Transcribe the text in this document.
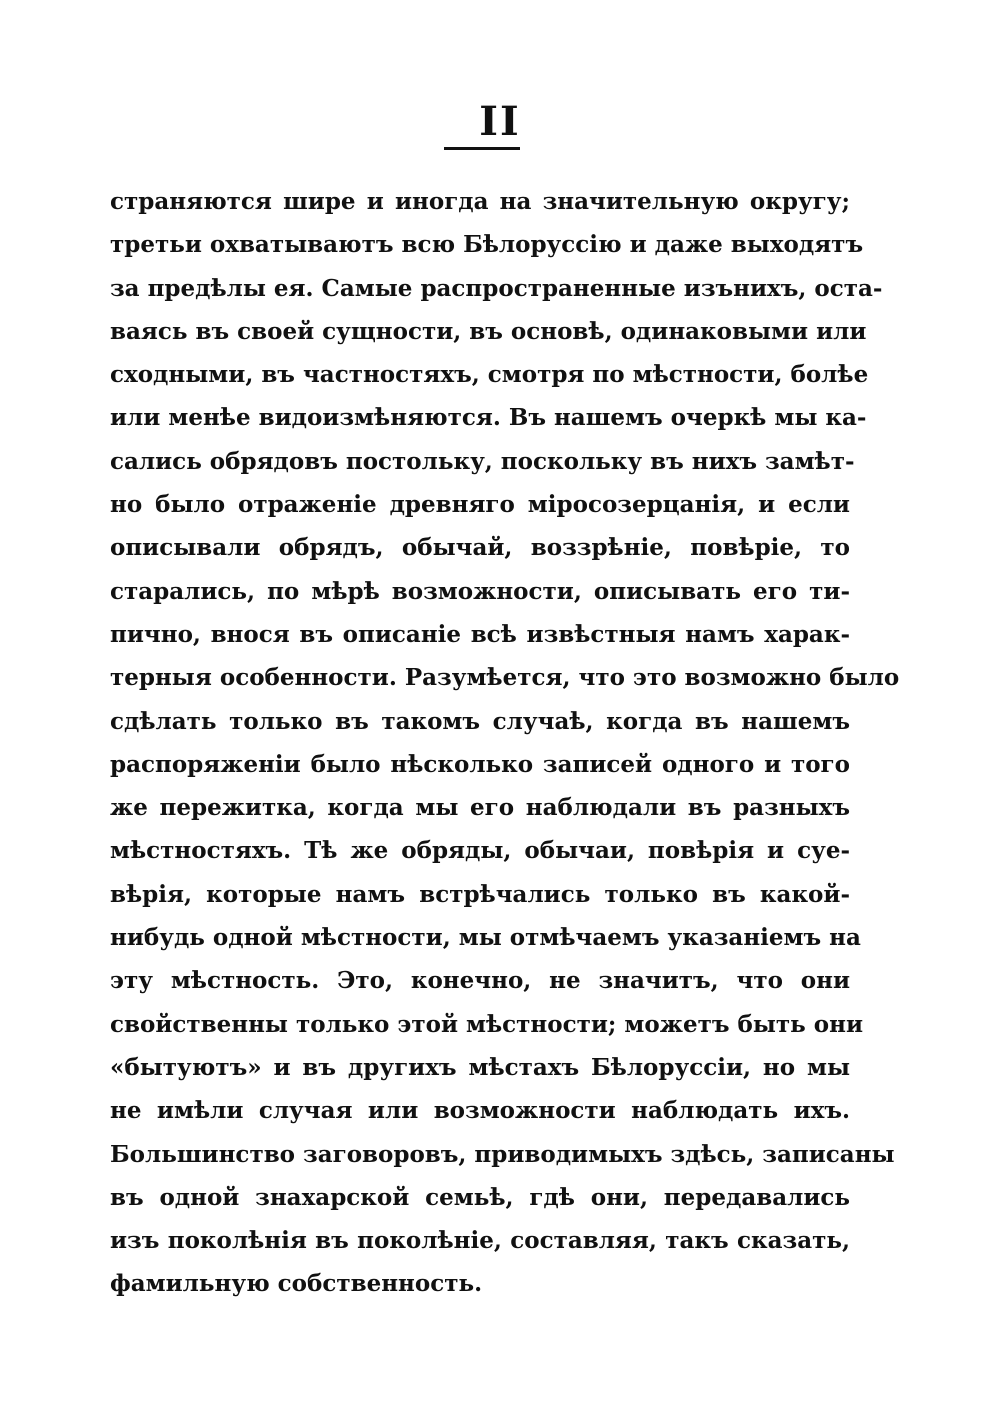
II
страняются шире и иногда на значительную округу;
третьи охватываютъ всю Бѣлоруссію и даже выходятъ
за предѣлы ея. Самые распространенные изънихъ, оста-
ваясь въ своей сущности, въ основѣ, одинаковыми или
сходными, въ частностяхъ, смотря по мѣстности, болѣе
или менѣе видоизмѣняются. Въ нашемъ очеркѣ мы ка-
сались обрядовъ постольку, поскольку въ нихъ замѣт-
но было отраженіе древняго міросозерцанія, и если
описывали обрядъ, обычай, воззрѣніе, повѣріе, то
старались, по мѣрѣ возможности, описывать его ти-
пично, внося въ описаніе всѣ извѣстныя намъ харак-
терныя особенности. Разумѣется, что это возможно было
сдѣлать только въ такомъ случаѣ, когда въ нашемъ
распоряженіи было нѣсколько записей одного и того
же пережитка, когда мы его наблюдали въ разныхъ
мѣстностяхъ. Тѣ же обряды, обычаи, повѣрія и суе-
вѣрія, которые намъ встрѣчались только въ какой-
нибудь одной мѣстности, мы отмѣчаемъ указаніемъ на
эту мѣстность. Это, конечно, не значитъ, что они
свойственны только этой мѣстности; можетъ быть они
«бытуютъ» и въ другихъ мѣстахъ Бѣлоруссіи, но мы
не имѣли случая или возможности наблюдать ихъ.
Большинство заговоровъ, приводимыхъ здѣсь, записаны
въ одной знахарской семьѣ, гдѣ они, передавались
изъ поколѣнія въ поколѣніе, составляя, такъ сказать,
фамильную собственность.
